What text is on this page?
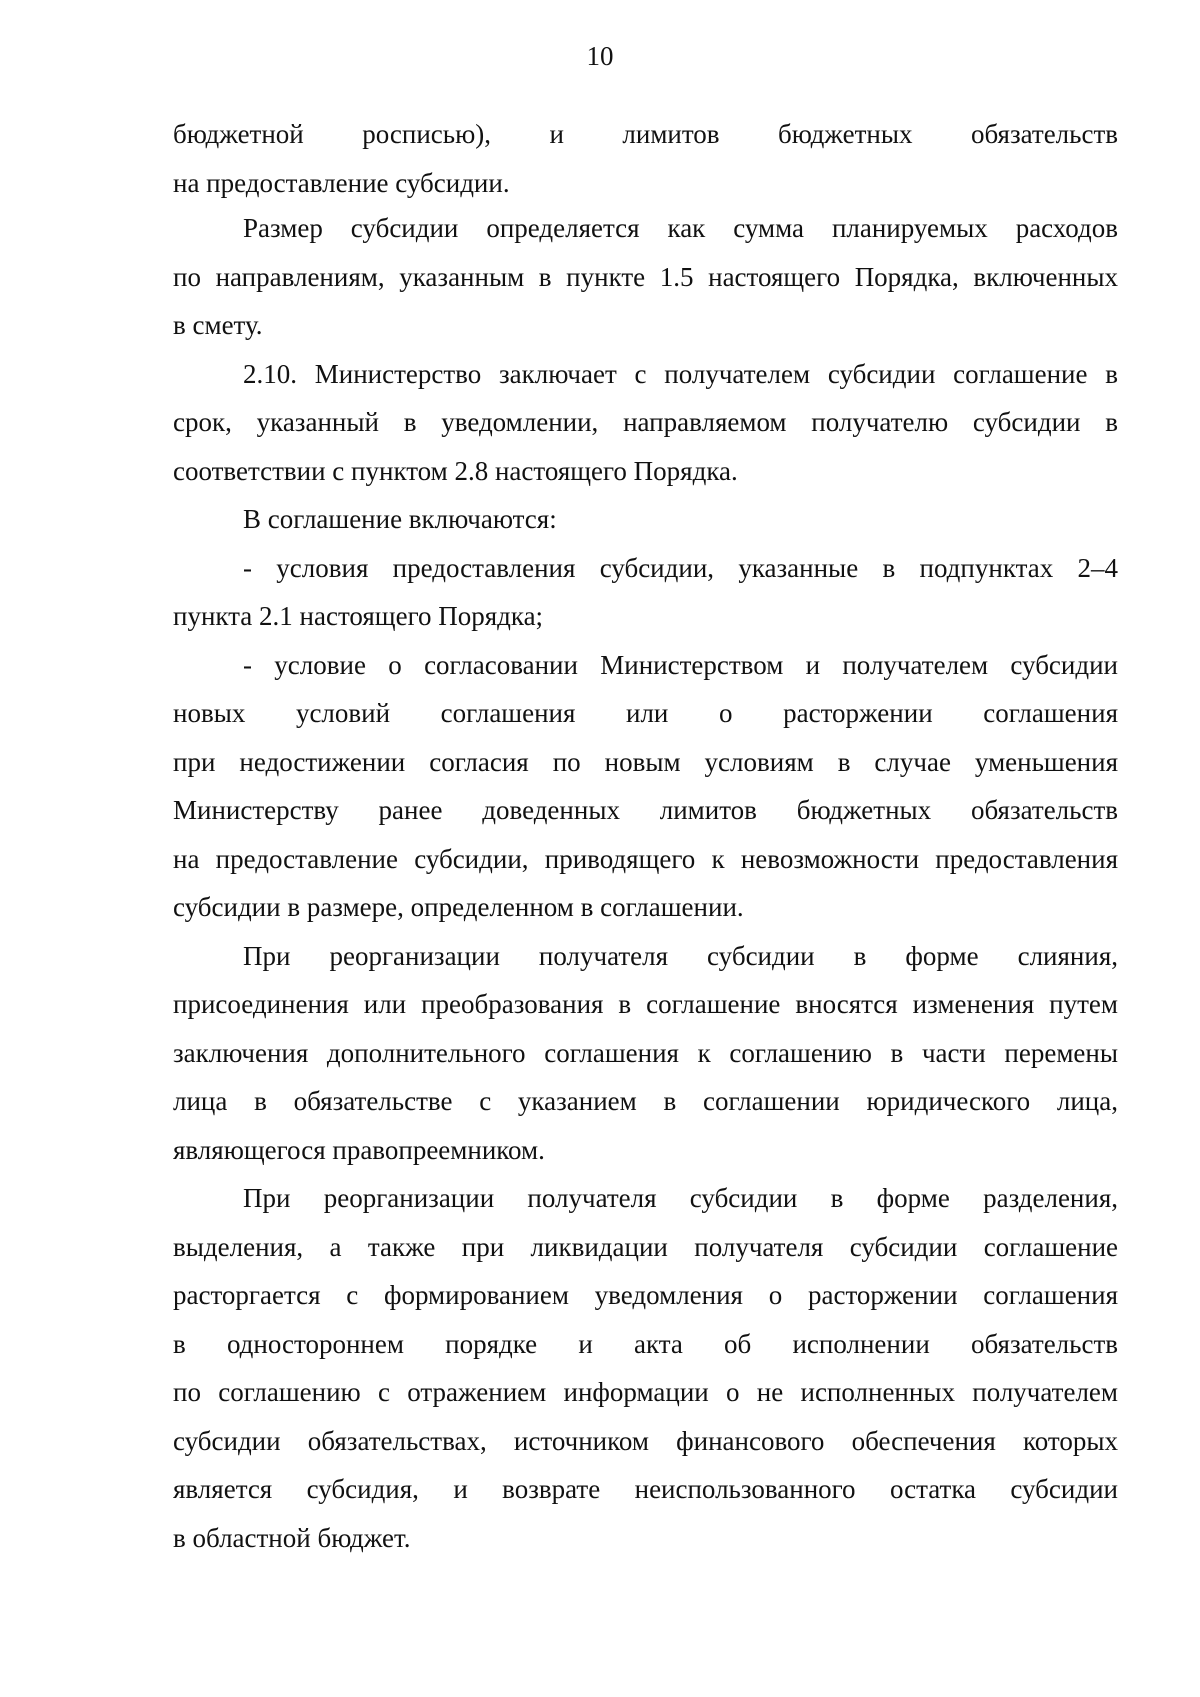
10
бюджетной росписью), и лимитов бюджетных обязательств
на предоставление субсидии.
Размер субсидии определяется как сумма планируемых расходов
по направлениям, указанным в пункте 1.5 настоящего Порядка, включенных
в смету.
2.10. Министерство заключает с получателем субсидии соглашение в
срок, указанный в уведомлении, направляемом получателю субсидии в
соответствии с пунктом 2.8 настоящего Порядка.
В соглашение включаются:
- условия предоставления субсидии, указанные в подпунктах 2–4
пункта 2.1 настоящего Порядка;
- условие о согласовании Министерством и получателем субсидии
новых условий соглашения или о расторжении соглашения
при недостижении согласия по новым условиям в случае уменьшения
Министерству ранее доведенных лимитов бюджетных обязательств
на предоставление субсидии, приводящего к невозможности предоставления
субсидии в размере, определенном в соглашении.
При реорганизации получателя субсидии в форме слияния,
присоединения или преобразования в соглашение вносятся изменения путем
заключения дополнительного соглашения к соглашению в части перемены
лица в обязательстве с указанием в соглашении юридического лица,
являющегося правопреемником.
При реорганизации получателя субсидии в форме разделения,
выделения, а также при ликвидации получателя субсидии соглашение
расторгается с формированием уведомления о расторжении соглашения
в одностороннем порядке и акта об исполнении обязательств
по соглашению с отражением информации о не исполненных получателем
субсидии обязательствах, источником финансового обеспечения которых
является субсидия, и возврате неиспользованного остатка субсидии
в областной бюджет.
